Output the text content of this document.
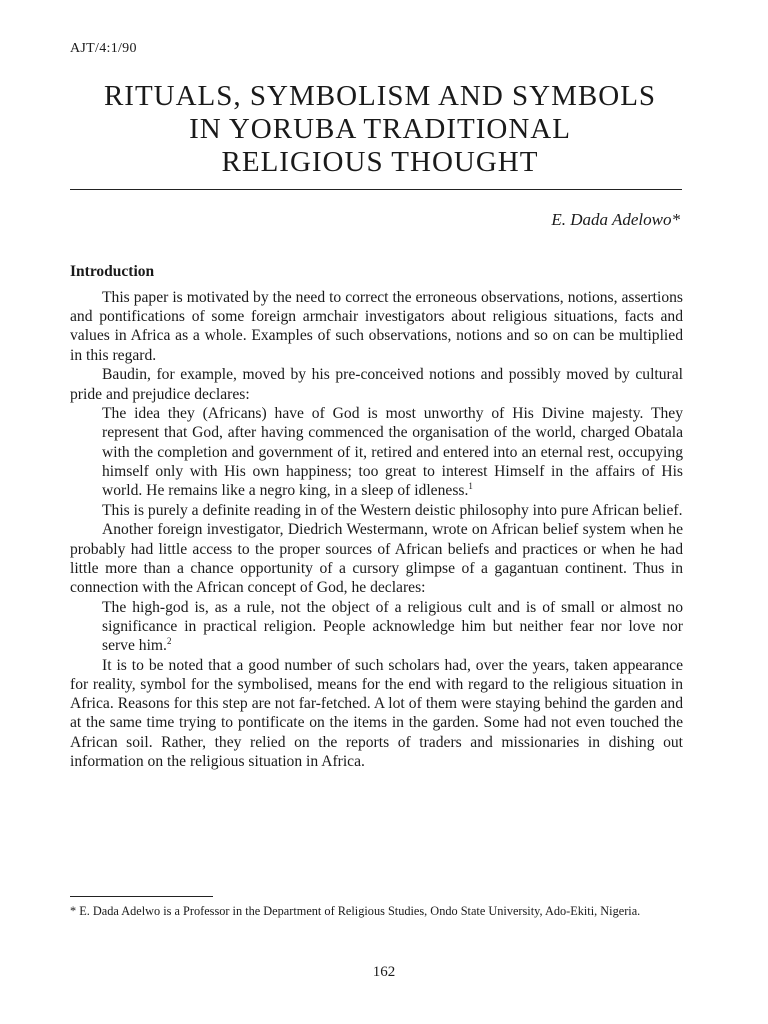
AJT/4:1/90
RITUALS, SYMBOLISM AND SYMBOLS
IN YORUBA TRADITIONAL
RELIGIOUS THOUGHT
E. Dada Adelowo*
Introduction

This paper is motivated by the need to correct the erroneous observations, notions, assertions and pontifications of some foreign armchair investigators about religious situations, facts and values in Africa as a whole. Examples of such observations, notions and so on can be multiplied in this regard.

Baudin, for example, moved by his pre-conceived notions and possibly moved by cultural pride and prejudice declares:

The idea they (Africans) have of God is most unworthy of His Divine majesty. They represent that God, after having commenced the organisation of the world, charged Obatala with the completion and government of it, retired and entered into an eternal rest, occupying himself only with His own happiness; too great to interest Himself in the affairs of His world. He remains like a negro king, in a sleep of idleness.$^1$

This is purely a definite reading in of the Western deistic philosophy into pure African belief.

Another foreign investigator, Diedrich Westermann, wrote on African belief system when he probably had little access to the proper sources of African beliefs and practices or when he had little more than a chance opportunity of a cursory glimpse of a gagantuan continent. Thus in connection with the African concept of God, he declares:

The high-god is, as a rule, not the object of a religious cult and is of small or almost no significance in practical religion. People acknowledge him but neither fear nor love nor serve him.$^2$

It is to be noted that a good number of such scholars had, over the years, taken appearance for reality, symbol for the symbolised, means for the end with regard to the religious situation in Africa. Reasons for this step are not far-fetched. A lot of them were staying behind the garden and at the same time trying to pontificate on the items in the garden. Some had not even touched the African soil. Rather, they relied on the reports of traders and missionaries in dishing out information on the religious situation in Africa.

* E. Dada Adelwo is a Professor in the Department of Religious Studies, Ondo State University, Ado-Ekiti, Nigeria.
162
